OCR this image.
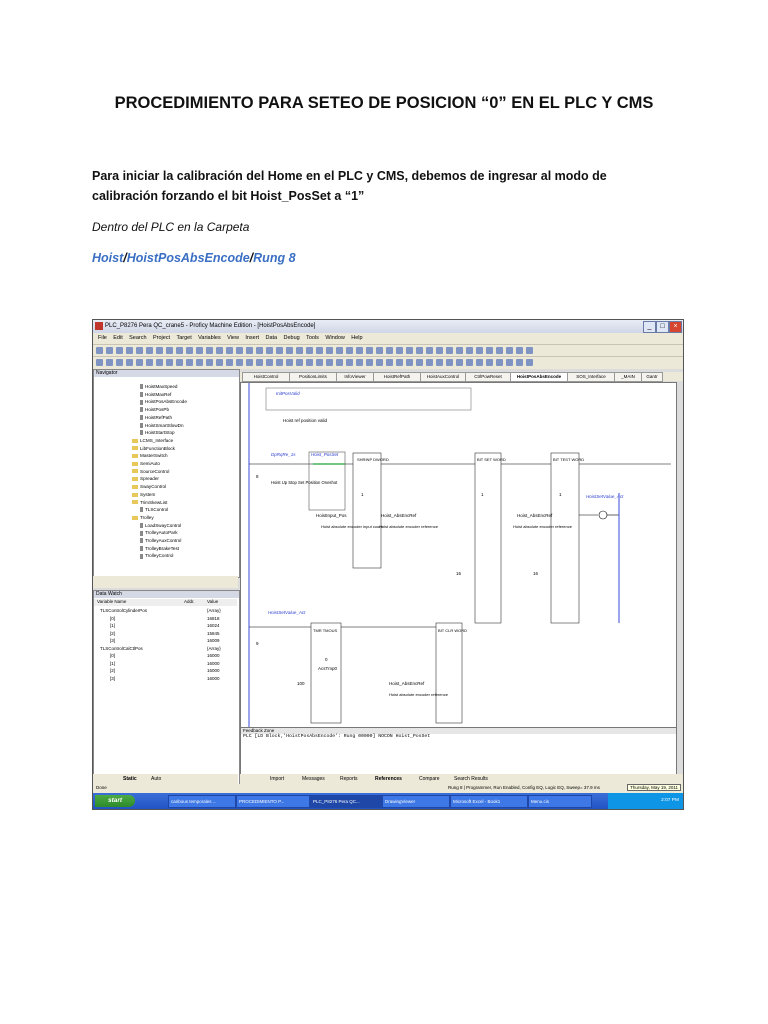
PROCEDIMIENTO PARA SETEO DE POSICION “0” EN EL PLC Y CMS
Para iniciar la calibración del Home en el PLC y CMS, debemos de ingresar al modo de calibración forzando el bit Hoist_PosSet a “1”
Dentro del PLC en la Carpeta
Hoist/HoistPosAbsEncode/Rung 8
PLC_P8276 Pera QC_crane5 - Proficy Machine Edition - [HoistPosAbsEncode]	_	□	×
File Edit Search Project Target Variables View Insert Data Debug Tools Window Help
Navigator
HoistMaxSpeed
HoistMaxRef
HoistPosAbsEncode
HoistPosPb
HoistRefPath
HoistSmartSlowDn
HoistStartStop
LCMS_Interface
LibFunctionBlock
MasterSwitch
SemiAuto
SourceControl
Spreader
SwayControl
System
TrimSkewList
TLSControl
Trolley
LoadSwayControl
TrolleyAutoPark
TrolleyAuxControl
TrolleyBrakeTest
TrolleyControl
Data Watch
Variable Name	Addr.	Value
TLSControlCylinderPos	{Array}
[0]	16818
[1]	16024
[2]	15845
[3]	16009
TLSControlCalCtlPos	{Array}
[0]	16000
[1]	16000
[2]	16000
[3]	16000
Static	Auto
HoistControl	PositionLimits	InfoViewer	HoistRefPath	HoistAuxControl	CtrlPowReset	HoistPosAbsEncode	SOS_Interface	_MAIN	Gantr
InitPosValid
Hoist ref position valid
DpRqRe_1s	Hoist_PosSet
Hoist Up Stop Set Position Oneshot
8
SHRINP DWORD	BIT SET WORD	BIT TEST WORD
HoistSetValue_Act
HoistInput_Pos	Hoist_AbsEncRef	Hoist_AbsEncRef
Hoist absolute encoder input count
Hoist absolute encoder reference	Hoist absolute encoder reference
1	1	1
16	16
HoistSetValue_Act
9
TMR TMOUS
AcsTmp0
100
BIT CLR WORD
Hoist_AbsEncRef
Hoist absolute encoder reference
0
Feedback Zone
PLC [LD Block,'HoistPosAbsEncode': Rung 00000] NOCON Hoist_PosSet
Import	Messages	Reports	References	Compare	Search Results
Done	Rung 8 | Programmer, Run Enabled, Config EQ, Logic EQ, Sweep= 37.9 ms	Thursday, May 19, 2011
start	caribous temporales ...	PROCEDIMIENTO P...	PLC_P8276 Pera QC...	DrawingViewer	Microsoft Excel - Book1	Menu.cis	2:07 PM
